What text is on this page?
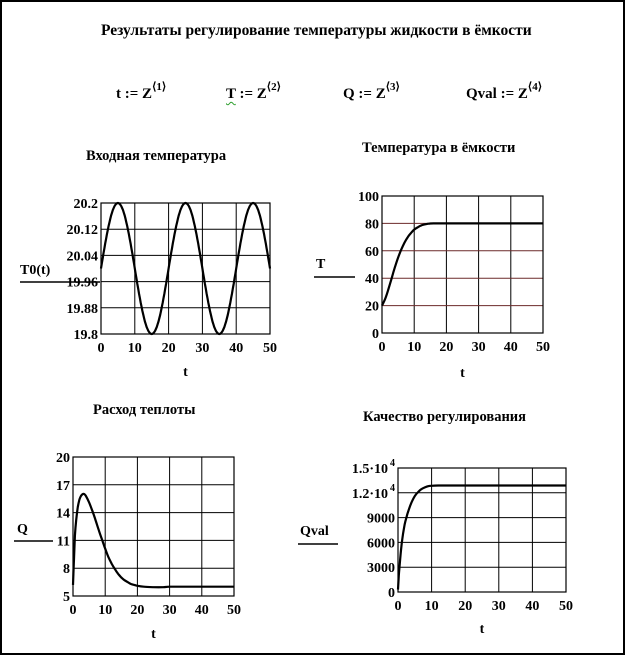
Результаты регулирование температуры жидкости в ёмкости
t := $Z^{⟨1⟩}$	T := $Z^{⟨2⟩}$	Q := $Z^{⟨3⟩}$	Qval := $Z^{⟨4⟩}$
Входная температура	Температура в ёмкости
Расход теплоты	Качество регулирования
0 10 20 30 40 50
19.8
19.88
19.96
20.04
20.12
20.2
T0(t)
t
0 10 20 30 40 50
0
20
40
60
80
100
T
t
0 10 20 30 40 50
5
8
11
14
17
20
Q
t
0 10 20 30 40 50
0
3000
6000
9000
1.2·10 4
1.5·10 4
Qval
t
